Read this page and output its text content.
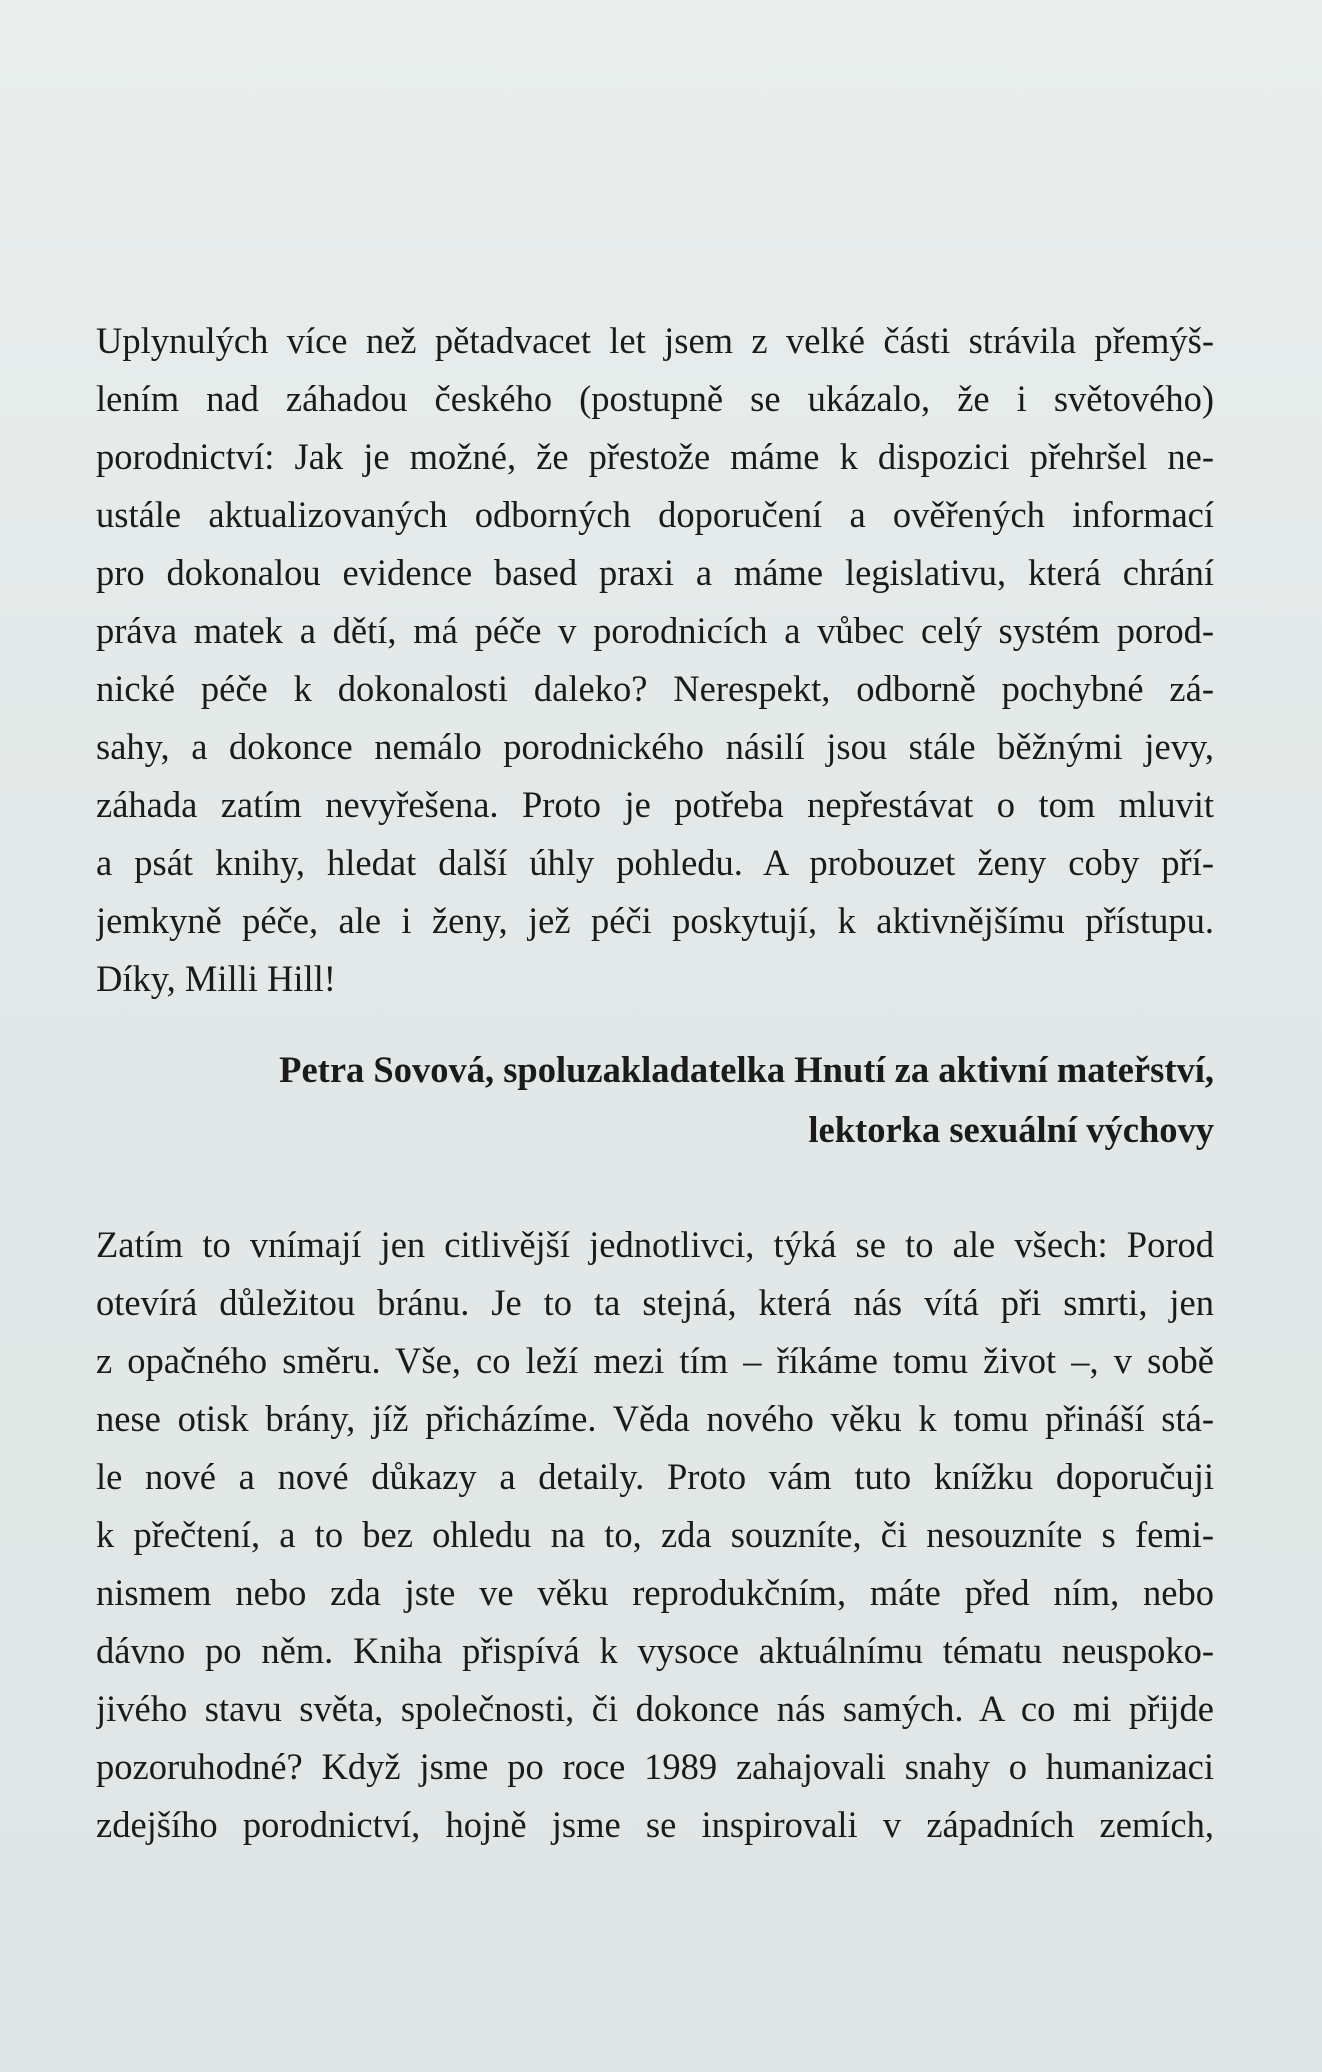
Uplynulých více než pětadvacet let jsem z velké části strávila přemýš-
lením nad záhadou českého (postupně se ukázalo, že i světového)
porodnictví: Jak je možné, že přestože máme k dispozici přehršel ne-
ustále aktualizovaných odborných doporučení a ověřených informací
pro dokonalou evidence based praxi a máme legislativu, která chrání
práva matek a dětí, má péče v porodnicích a vůbec celý systém porod-
nické péče k dokonalosti daleko? Nerespekt, odborně pochybné zá-
sahy, a dokonce nemálo porodnického násilí jsou stále běžnými jevy,
záhada zatím nevyřešena. Proto je potřeba nepřestávat o tom mluvit
a psát knihy, hledat další úhly pohledu. A probouzet ženy coby pří-
jemkyně péče, ale i ženy, jež péči poskytují, k aktivnějšímu přístupu.
Díky, Milli Hill!
Petra Sovová, spoluzakladatelka Hnutí za aktivní mateřství,
lektorka sexuální výchovy
Zatím to vnímají jen citlivější jednotlivci, týká se to ale všech: Porod
otevírá důležitou bránu. Je to ta stejná, která nás vítá při smrti, jen
z opačného směru. Vše, co leží mezi tím – říkáme tomu život –, v sobě
nese otisk brány, jíž přicházíme. Věda nového věku k tomu přináší stá-
le nové a nové důkazy a detaily. Proto vám tuto knížku doporučuji
k přečtení, a to bez ohledu na to, zda souzníte, či nesouzníte s femi-
nismem nebo zda jste ve věku reprodukčním, máte před ním, nebo
dávno po něm. Kniha přispívá k vysoce aktuálnímu tématu neuspoko-
jivého stavu světa, společnosti, či dokonce nás samých. A co mi přijde
pozoruhodné? Když jsme po roce 1989 zahajovali snahy o humanizaci
zdejšího porodnictví, hojně jsme se inspirovali v západních zemích,
